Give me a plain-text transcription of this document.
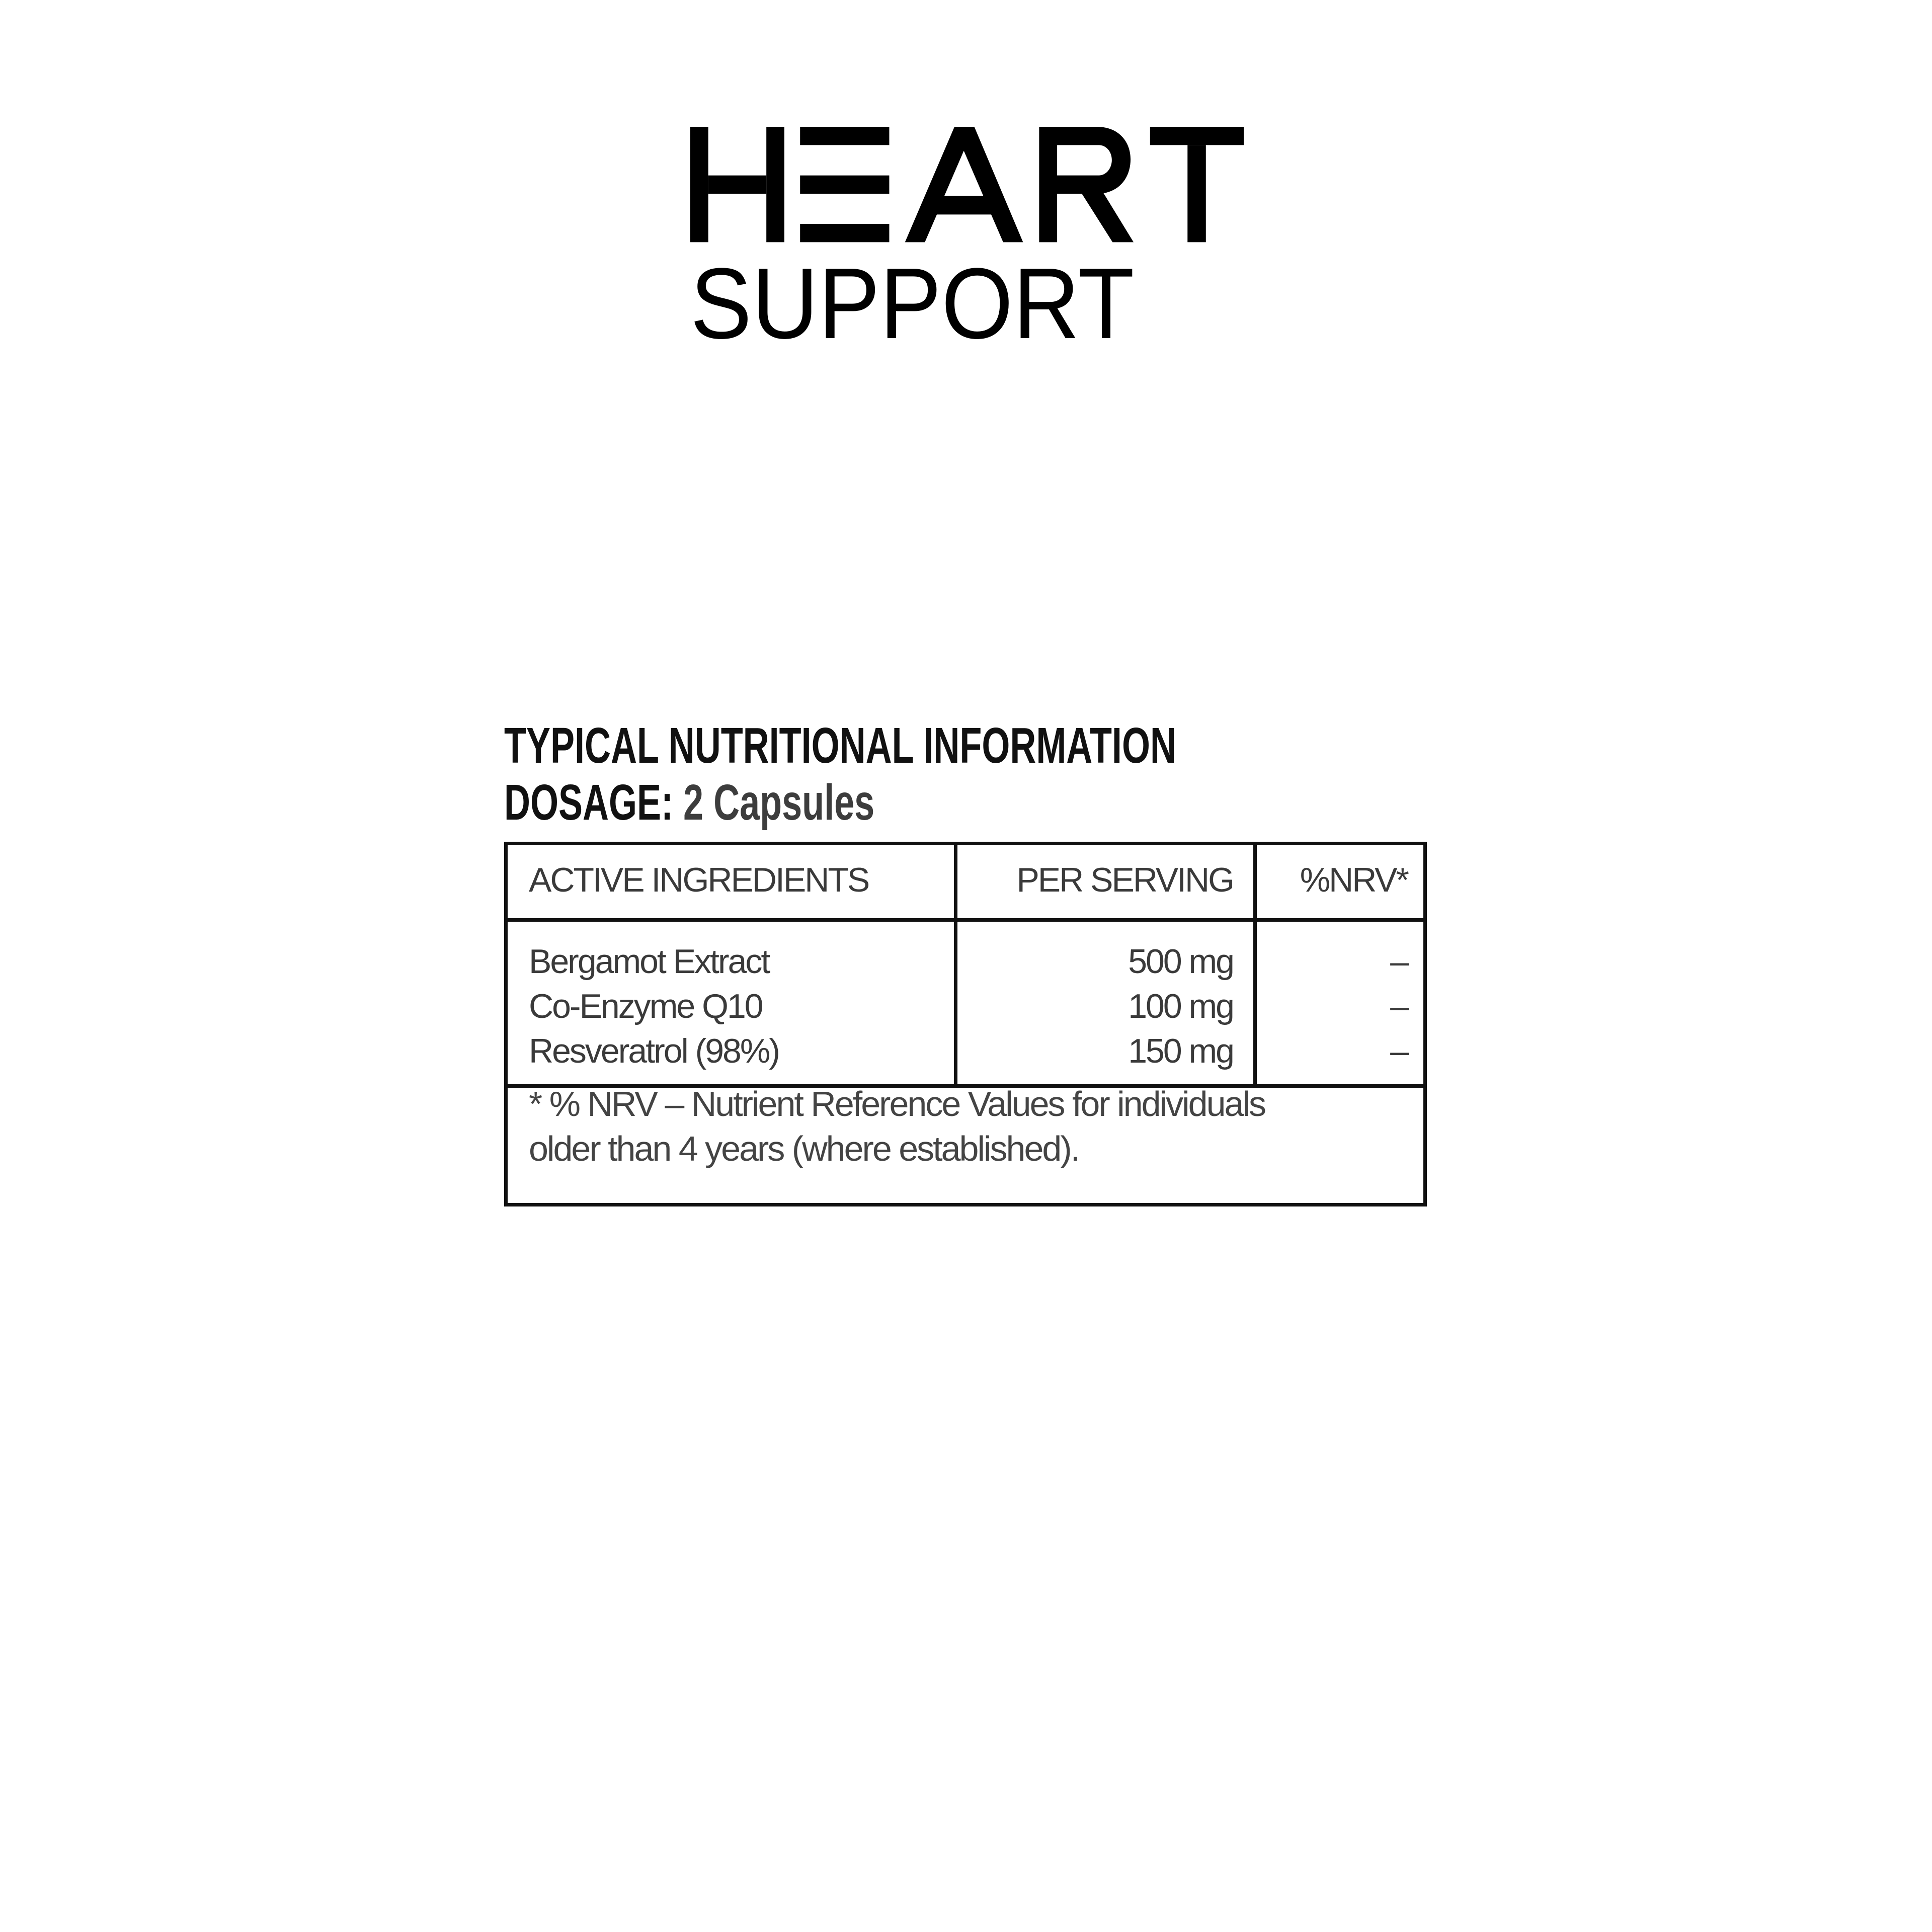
SUPPORT
TYPICAL NUTRITIONAL INFORMATION
DOSAGE: 2 Capsules
ACTIVE INGREDIENTS	PER SERVING	%NRV*
Bergamot Extract
Co-Enzyme Q10
Resveratrol (98%)
500 mg
100 mg
150 mg
–
–
–
* % NRV – Nutrient Reference Values for individuals
older than 4 years (where established).
